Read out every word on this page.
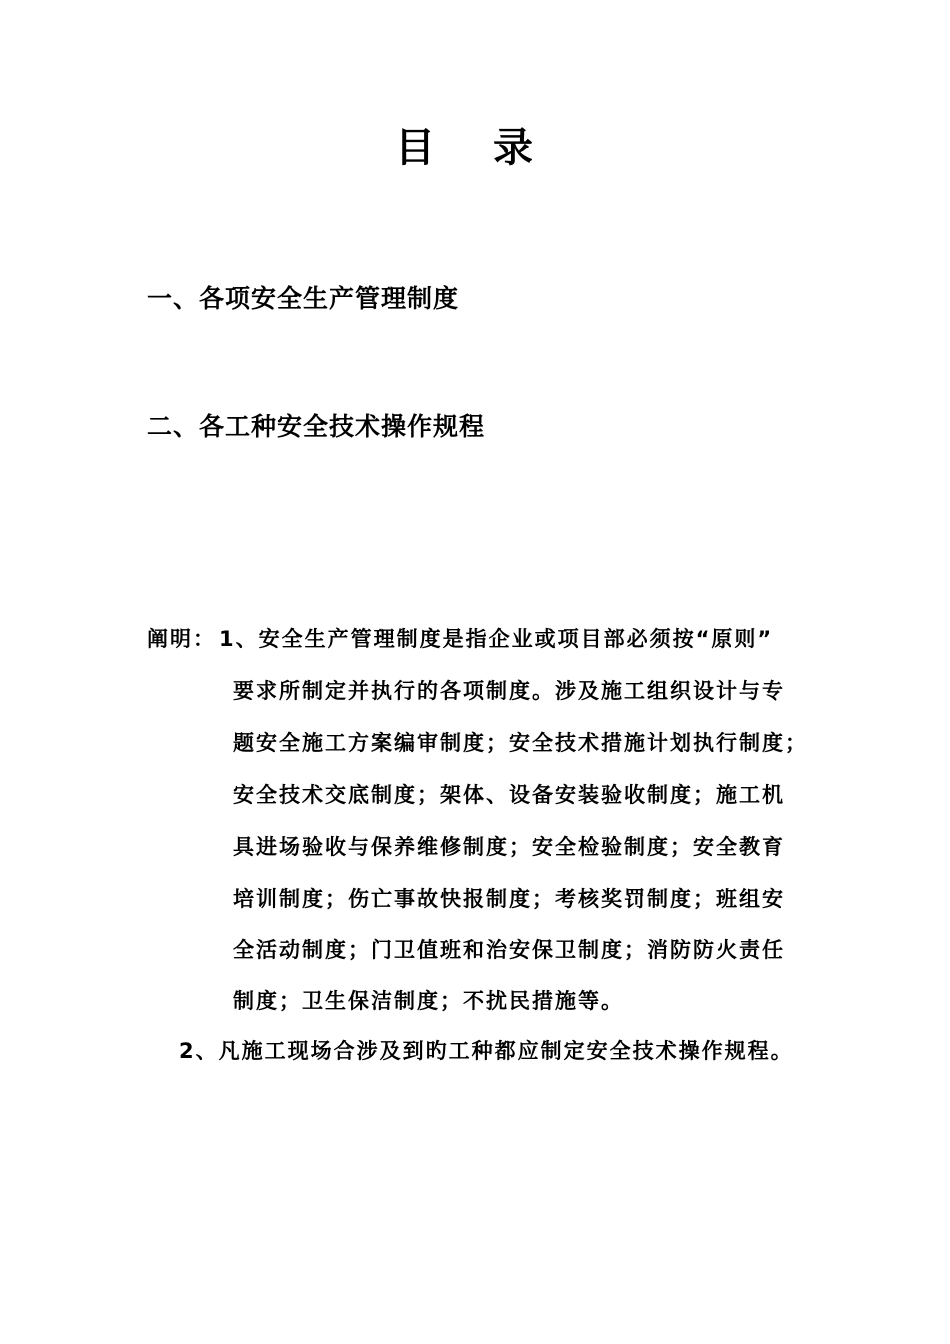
目 录
一、各项安全生产管理制度
二、各工种安全技术操作规程
阐明： 1、安全生产管理制度是指企业或项目部必须按“原则”
要求所制定并执行的各项制度。涉及施工组织设计与专
题安全施工方案编审制度；安全技术措施计划执行制度；
安全技术交底制度；架体、设备安装验收制度；施工机
具进场验收与保养维修制度；安全检验制度；安全教育
培训制度；伤亡事故快报制度；考核奖罚制度；班组安
全活动制度；门卫值班和治安保卫制度；消防防火责任
制度；卫生保洁制度；不扰民措施等。
2、凡施工现场合涉及到旳工种都应制定安全技术操作规程。
